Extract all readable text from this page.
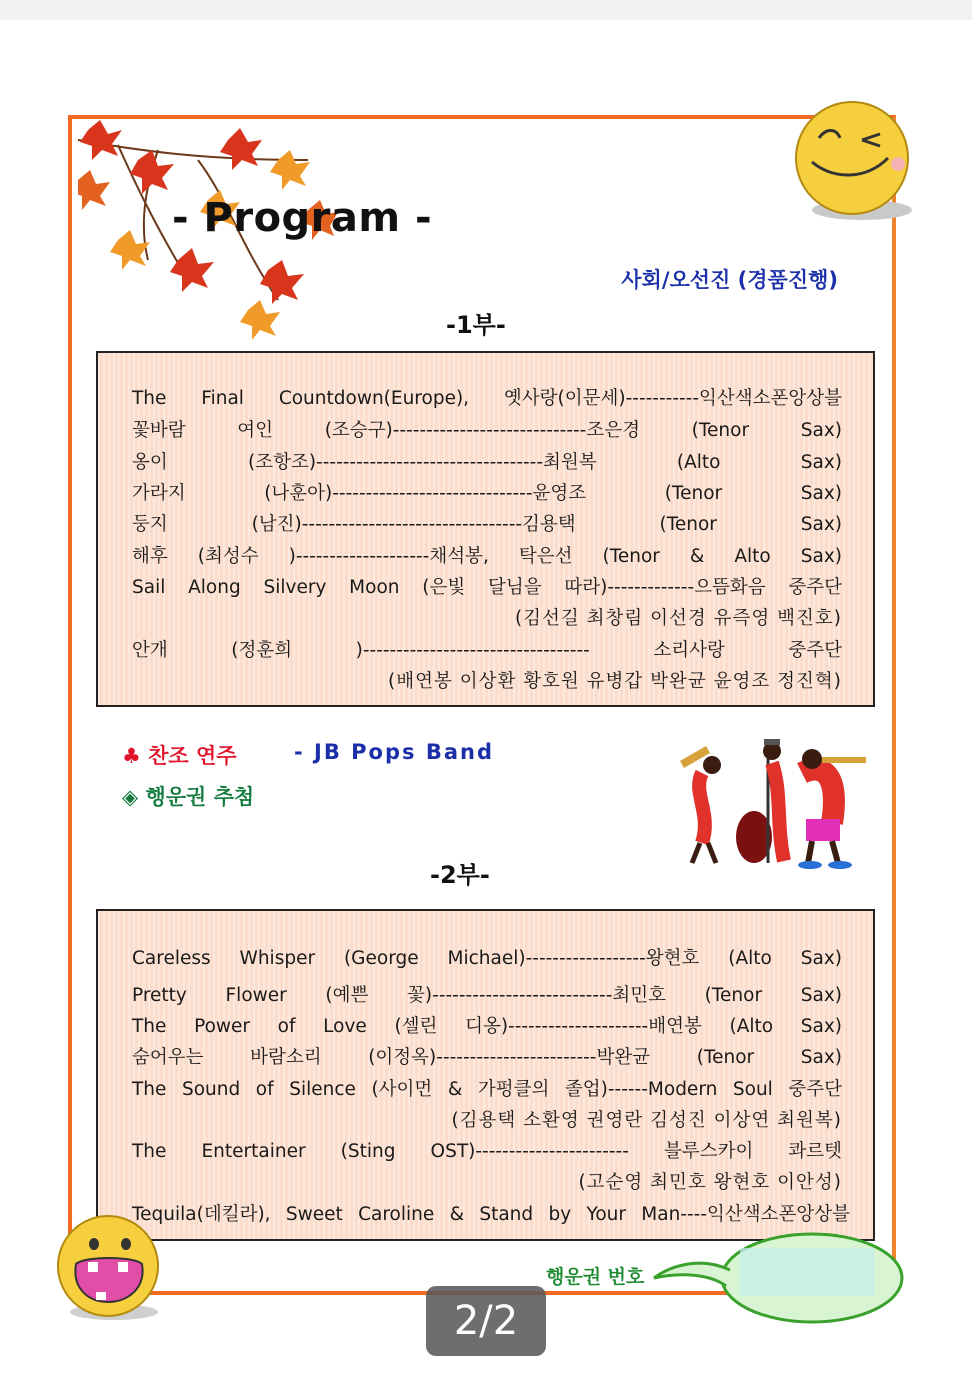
- Program -
사회/오선진 (경품진행)
-1부-
The Final Countdown(Europe), 옛사랑(이문세)-----------익산색소폰앙상블
꽃바람 여인 (조승구)-----------------------------조은경 (Tenor Sax)
옹이 (조항조)----------------------------------최원복 (Alto Sax)
가라지 (나훈아)------------------------------윤영조 (Tenor Sax)
둥지 (남진)---------------------------------김용택 (Tenor Sax)
해후 (최성수 )--------------------채석봉, 탁은선 (Tenor & Alto Sax)
Sail Along Silvery Moon (은빛 달님을 따라)-------------으뜸화음 중주단
(김선길 최창림 이선경 유즉영 백진호)
안개 (정훈희 )---------------------------------- 소리사랑 중주단
(배연봉 이상환 황호원 유병갑 박완균 윤영조 정진혁)
♣ 찬조 연주	- JB Pops Band
◈ 행운권 추첨
-2부-
Careless Whisper (George Michael)------------------왕현호 (Alto Sax)
Pretty Flower (예쁜 꽃)---------------------------최민호 (Tenor Sax)
The Power of Love (셀린 디옹)---------------------배연봉 (Alto Sax)
숨어우는 바람소리 (이정옥)------------------------박완균 (Tenor Sax)
The Sound of Silence (사이먼 & 가펑클의 졸업)------Modern Soul 중주단
(김용택 소환영 권영란 김성진 이상연 최원복)
The Entertainer (Sting OST)----------------------- 블루스카이 콰르텟
(고순영 최민호 왕현호 이안성)
Tequila(데킬라), Sweet Caroline & Stand by Your Man----익산색소폰앙상블
행운권 번호
2/2
